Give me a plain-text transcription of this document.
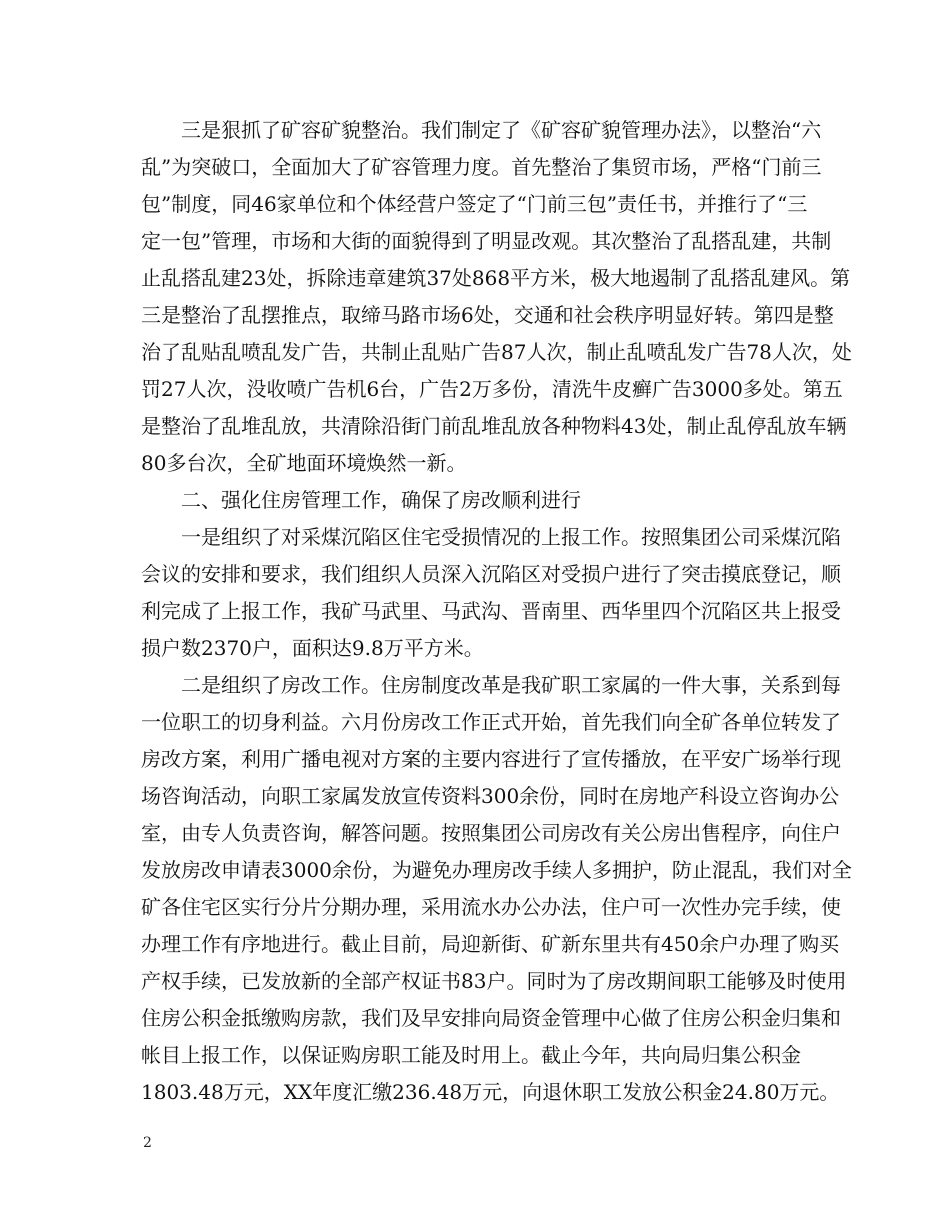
　　三是狠抓了矿容矿貌整治。我们制定了《矿容矿貌管理办法》，以整治“六
乱”为突破口，全面加大了矿容管理力度。首先整治了集贸市场，严格“门前三
包”制度，同46家单位和个体经营户签定了“门前三包”责任书，并推行了“三
定一包”管理，市场和大街的面貌得到了明显改观。其次整治了乱搭乱建，共制
止乱搭乱建23处，拆除违章建筑37处868平方米，极大地遏制了乱搭乱建风。第
三是整治了乱摆推点，取缔马路市场6处，交通和社会秩序明显好转。第四是整
治了乱贴乱喷乱发广告，共制止乱贴广告87人次，制止乱喷乱发广告78人次，处
罚27人次，没收喷广告机6台，广告2万多份，清洗牛皮癣广告3000多处。第五
是整治了乱堆乱放，共清除沿街门前乱堆乱放各种物料43处，制止乱停乱放车辆
80多台次，全矿地面环境焕然一新。
　　二、强化住房管理工作，确保了房改顺利进行
　　一是组织了对采煤沉陷区住宅受损情况的上报工作。按照集团公司采煤沉陷
会议的安排和要求，我们组织人员深入沉陷区对受损户进行了突击摸底登记，顺
利完成了上报工作，我矿马武里、马武沟、晋南里、西华里四个沉陷区共上报受
损户数2370户，面积达9.8万平方米。
　　二是组织了房改工作。住房制度改革是我矿职工家属的一件大事，关系到每
一位职工的切身利益。六月份房改工作正式开始，首先我们向全矿各单位转发了
房改方案，利用广播电视对方案的主要内容进行了宣传播放，在平安广场举行现
场咨询活动，向职工家属发放宣传资料300余份，同时在房地产科设立咨询办公
室，由专人负责咨询，解答问题。按照集团公司房改有关公房出售程序，向住户
发放房改申请表3000余份，为避免办理房改手续人多拥护，防止混乱，我们对全
矿各住宅区实行分片分期办理，采用流水办公办法，住户可一次性办完手续，使
办理工作有序地进行。截止目前，局迎新街、矿新东里共有450余户办理了购买
产权手续，已发放新的全部产权证书83户。同时为了房改期间职工能够及时使用
住房公积金抵缴购房款，我们及早安排向局资金管理中心做了住房公积金归集和
帐目上报工作，以保证购房职工能及时用上。截止今年，共向局归集公积金
1803.48万元，XX年度汇缴236.48万元，向退休职工发放公积金24.80万元。
2
